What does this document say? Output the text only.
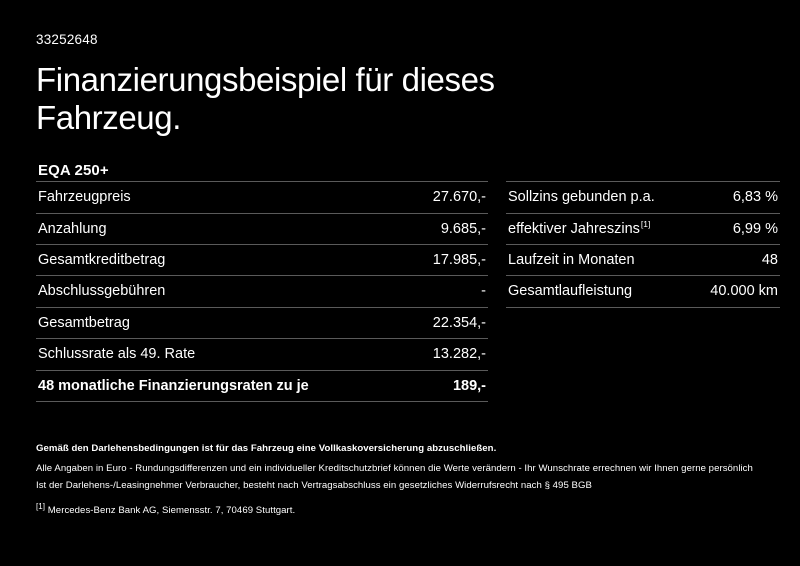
33252648
Finanzierungsbeispiel für dieses Fahrzeug.
EQA 250+
Fahrzeugpreis	27.670,-
Anzahlung	9.685,-
Gesamtkreditbetrag	17.985,-
Abschlussgebühren	-
Gesamtbetrag	22.354,-
Schlussrate als 49. Rate	13.282,-
48 monatliche Finanzierungsraten zu je	189,-
Sollzins gebunden p.a.	6,83 %
effektiver Jahreszins[1]	6,99 %
Laufzeit in Monaten	48
Gesamtlaufleistung	40.000 km

Gemäß den Darlehensbedingungen ist für das Fahrzeug eine Vollkaskoversicherung abzuschließen.

Alle Angaben in Euro - Rundungsdifferenzen und ein individueller Kreditschutzbrief können die Werte verändern - Ihr Wunschrate errechnen wir Ihnen gerne persönlich

Ist der Darlehens-/Leasingnehmer Verbraucher, besteht nach Vertragsabschluss ein gesetzliches Widerrufsrecht nach § 495 BGB

[1] Mercedes-Benz Bank AG, Siemensstr. 7, 70469 Stuttgart.
